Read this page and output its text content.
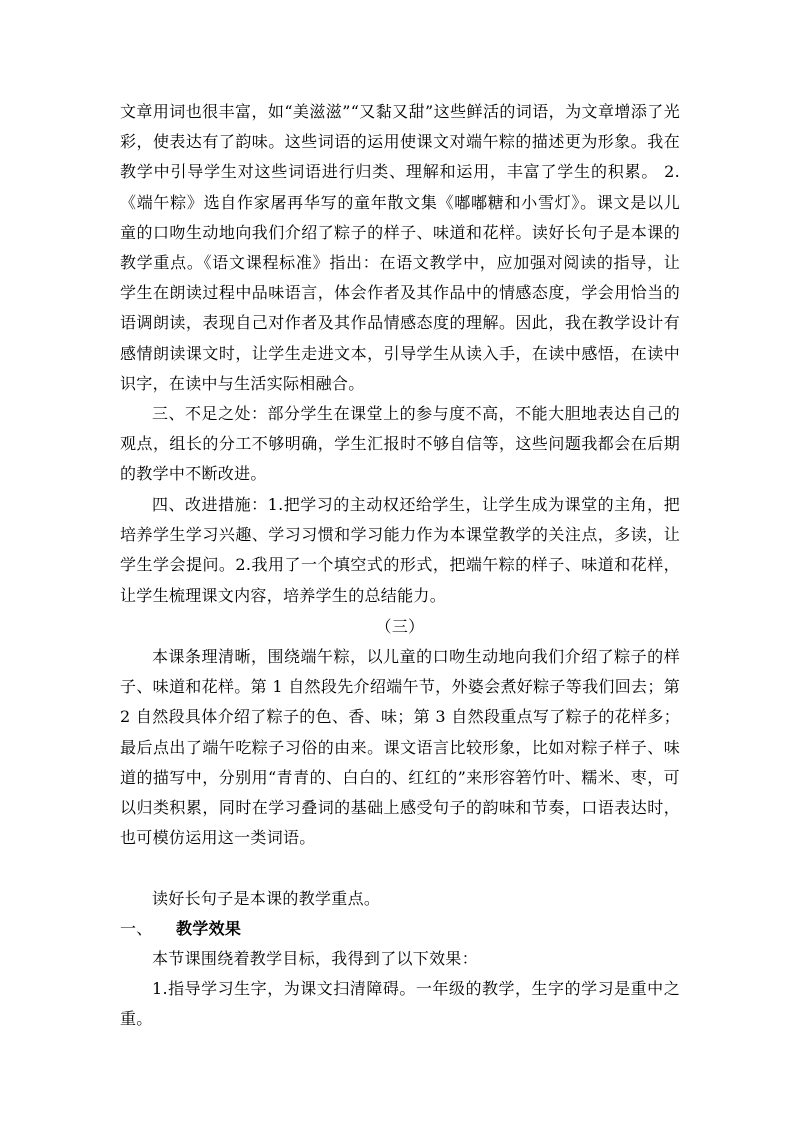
文章用词也很丰富，如“美滋滋”“又黏又甜”这些鲜活的词语，为文章增添了光彩，使表达有了韵味。这些词语的运用使课文对端午粽的描述更为形象。我在教学中引导学生对这些词语进行归类、理解和运用，丰富了学生的积累。 2.《端午粽》选自作家屠再华写的童年散文集《嘟嘟糖和小雪灯》。课文是以儿童的口吻生动地向我们介绍了粽子的样子、味道和花样。读好长句子是本课的教学重点。《语文课程标准》指出：在语文教学中，应加强对阅读的指导，让学生在朗读过程中品味语言，体会作者及其作品中的情感态度，学会用恰当的语调朗读，表现自己对作者及其作品情感态度的理解。因此，我在教学设计有感情朗读课文时，让学生走进文本，引导学生从读入手，在读中感悟，在读中识字，在读中与生活实际相融合。

三、不足之处：部分学生在课堂上的参与度不高，不能大胆地表达自己的观点，组长的分工不够明确，学生汇报时不够自信等，这些问题我都会在后期的教学中不断改进。

四、改进措施：1.把学习的主动权还给学生，让学生成为课堂的主角，把培养学生学习兴趣、学习习惯和学习能力作为本课堂教学的关注点，多读，让学生学会提问。2.我用了一个填空式的形式，把端午粽的样子、味道和花样，让学生梳理课文内容，培养学生的总结能力。

（三）

本课条理清晰，围绕端午粽，以儿童的口吻生动地向我们介绍了粽子的样子、味道和花样。第 1 自然段先介绍端午节，外婆会煮好粽子等我们回去；第 2 自然段具体介绍了粽子的色、香、味；第 3 自然段重点写了粽子的花样多；最后点出了端午吃粽子习俗的由来。课文语言比较形象，比如对粽子样子、味道的描写中，分别用“青青的、白白的、红红的”来形容箬竹叶、糯米、枣，可以归类积累，同时在学习叠词的基础上感受句子的韵味和节奏，口语表达时，也可模仿运用这一类词语。

读好长句子是本课的教学重点。

一、	教学效果

本节课围绕着教学目标，我得到了以下效果：

1.指导学习生字，为课文扫清障碍。一年级的教学，生字的学习是重中之重。
